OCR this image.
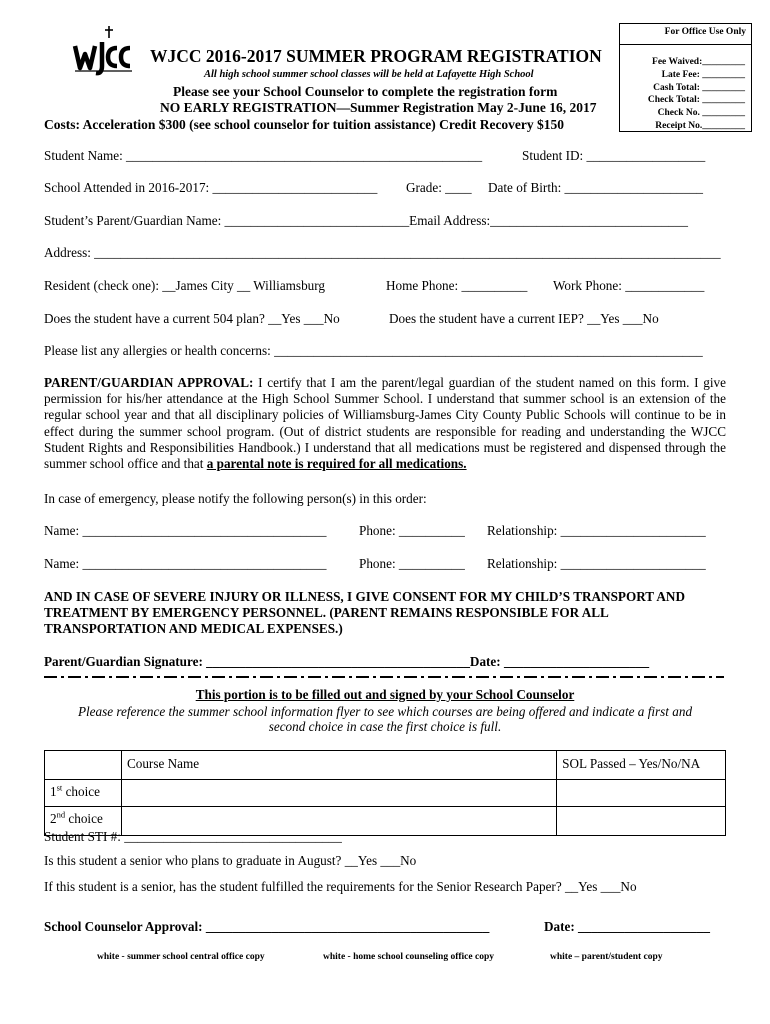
For Office Use Only
Fee Waived:_________
Late Fee: _________
Cash Total: _________
Check Total: _________
Check No. _________
Receipt No._________
WJCC 2016-2017 SUMMER PROGRAM REGISTRATION
All high school summer school classes will be held at Lafayette High School
Please see your School Counselor to complete the registration form
NO EARLY REGISTRATION—Summer Registration May 2-June 16, 2017
Costs: Acceleration $300 (see school counselor for tuition assistance) Credit Recovery $150
Student Name: ______________________________________________________	Student ID: __________________
School Attended in 2016-2017: _________________________ Grade: ____ Date of Birth: _____________________
Student’s Parent/Guardian Name: ____________________________Email Address:______________________________
Address: _______________________________________________________________________________________________
Resident (check one): __James City __ Williamsburg	Home Phone: __________ Work Phone: ____________
Does the student have a current 504 plan? __Yes ___No	Does the student have a current IEP? __Yes ___No
Please list any allergies or health concerns: _________________________________________________________________
PARENT/GUARDIAN APPROVAL: I certify that I am the parent/legal guardian of the student named on this form. I give permission for his/her attendance at the High School Summer School. I understand that summer school is an extension of the regular school year and that all disciplinary policies of Williamsburg-James City County Public Schools will continue to be in effect during the summer school program. (Out of district students are responsible for reading and understanding the WJCC Student Rights and Responsibilities Handbook.) I understand that all medications must be registered and dispensed through the summer school office and that a parental note is required for all medications.
In case of emergency, please notify the following person(s) in this order:
Name: _____________________________________ Phone: __________ Relationship: ______________________
Name: _____________________________________ Phone: __________ Relationship: ______________________
AND IN CASE OF SEVERE INJURY OR ILLNESS, I GIVE CONSENT FOR MY CHILD’S TRANSPORT AND TREATMENT BY EMERGENCY PERSONNEL. (PARENT REMAINS RESPONSIBLE FOR ALL TRANSPORTATION AND MEDICAL EXPENSES.)
Parent/Guardian Signature: ________________________________________Date: ______________________
This portion is to be filled out and signed by your School Counselor
Please reference the summer school information flyer to see which courses are being offered and indicate a first and
second choice in case the first choice is full.
	Course Name	SOL Passed – Yes/No/NA
1st choice		
2nd choice		
Student STI #: _________________________________
Is this student a senior who plans to graduate in August? __Yes ___No
If this student is a senior, has the student fulfilled the requirements for the Senior Research Paper? __Yes ___No
School Counselor Approval: ___________________________________________	Date: ____________________
white - summer school central office copy	white - home school counseling office copy	white – parent/student copy
